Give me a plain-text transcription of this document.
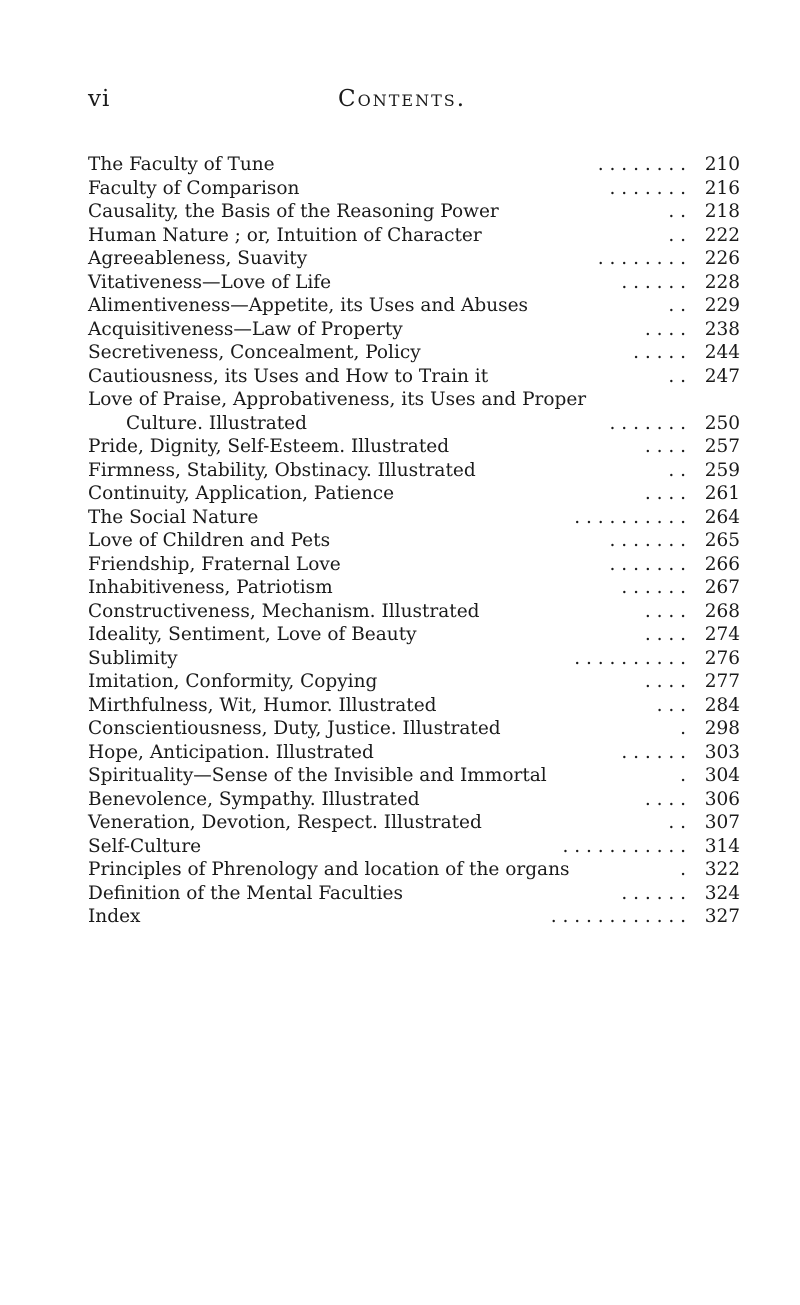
vi	Contents.
The Faculty of Tune	. . . . . . . .	210
Faculty of Comparison	. . . . . . .	216
Causality, the Basis of the Reasoning Power	. .	218
Human Nature ; or, Intuition of Character	. .	222
Agreeableness, Suavity	. . . . . . . .	226
Vitativeness—Love of Life	. . . . . .	228
Alimentiveness—Appetite, its Uses and Abuses	. .	229
Acquisitiveness—Law of Property	. . . .	238
Secretiveness, Concealment, Policy	. . . . .	244
Cautiousness, its Uses and How to Train it	. .	247
Love of Praise, Approbativeness, its Uses and Proper
Culture. Illustrated	. . . . . . .	250
Pride, Dignity, Self-Esteem. Illustrated	. . . .	257
Firmness, Stability, Obstinacy. Illustrated	. .	259
Continuity, Application, Patience	. . . .	261
The Social Nature	. . . . . . . . . .	264
Love of Children and Pets	. . . . . . .	265
Friendship, Fraternal Love	. . . . . . .	266
Inhabitiveness, Patriotism	. . . . . .	267
Constructiveness, Mechanism. Illustrated	. . . .	268
Ideality, Sentiment, Love of Beauty	. . . .	274
Sublimity	. . . . . . . . . .	276
Imitation, Conformity, Copying	. . . .	277
Mirthfulness, Wit, Humor. Illustrated	. . .	284
Conscientiousness, Duty, Justice. Illustrated	.	298
Hope, Anticipation. Illustrated	. . . . . .	303
Spirituality—Sense of the Invisible and Immortal	.	304
Benevolence, Sympathy. Illustrated	. . . .	306
Veneration, Devotion, Respect. Illustrated	. .	307
Self-Culture	. . . . . . . . . . .	314
Principles of Phrenology and location of the organs	.	322
Definition of the Mental Faculties	. . . . . .	324
Index	. . . . . . . . . . . .	327
